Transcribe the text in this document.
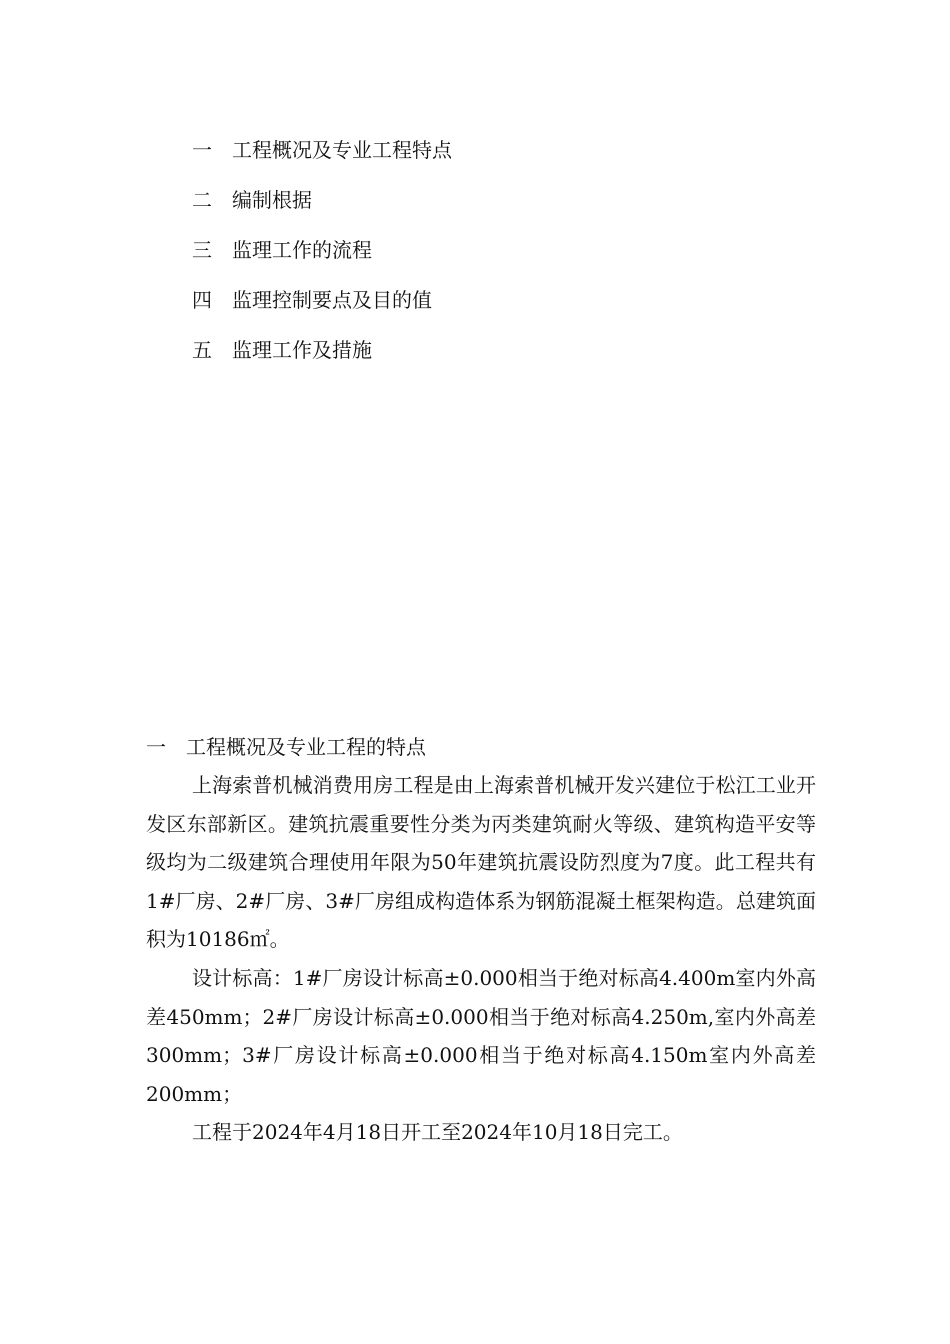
一 工程概况及专业工程特点
二 编制根据
三 监理工作的流程
四 监理控制要点及目的值
五 监理工作及措施
一 工程概况及专业工程的特点

上海索普机械消费用房工程是由上海索普机械开发兴建位于松江工业开发区东部新区。建筑抗震重要性分类为丙类建筑耐火等级、建筑构造平安等级均为二级建筑合理使用年限为50年建筑抗震设防烈度为7度。此工程共有1#厂房、2#厂房、3#厂房组成构造体系为钢筋混凝土框架构造。总建筑面积为10186㎡。

设计标高：1#厂房设计标高±0.000相当于绝对标高4.400m室内外高差450mm；2#厂房设计标高±0.000相当于绝对标高4.250m,室内外高差300mm；3#厂房设计标高±0.000相当于绝对标高4.150m室内外高差200mm；

工程于2024年4月18日开工至2024年10月18日完工。
